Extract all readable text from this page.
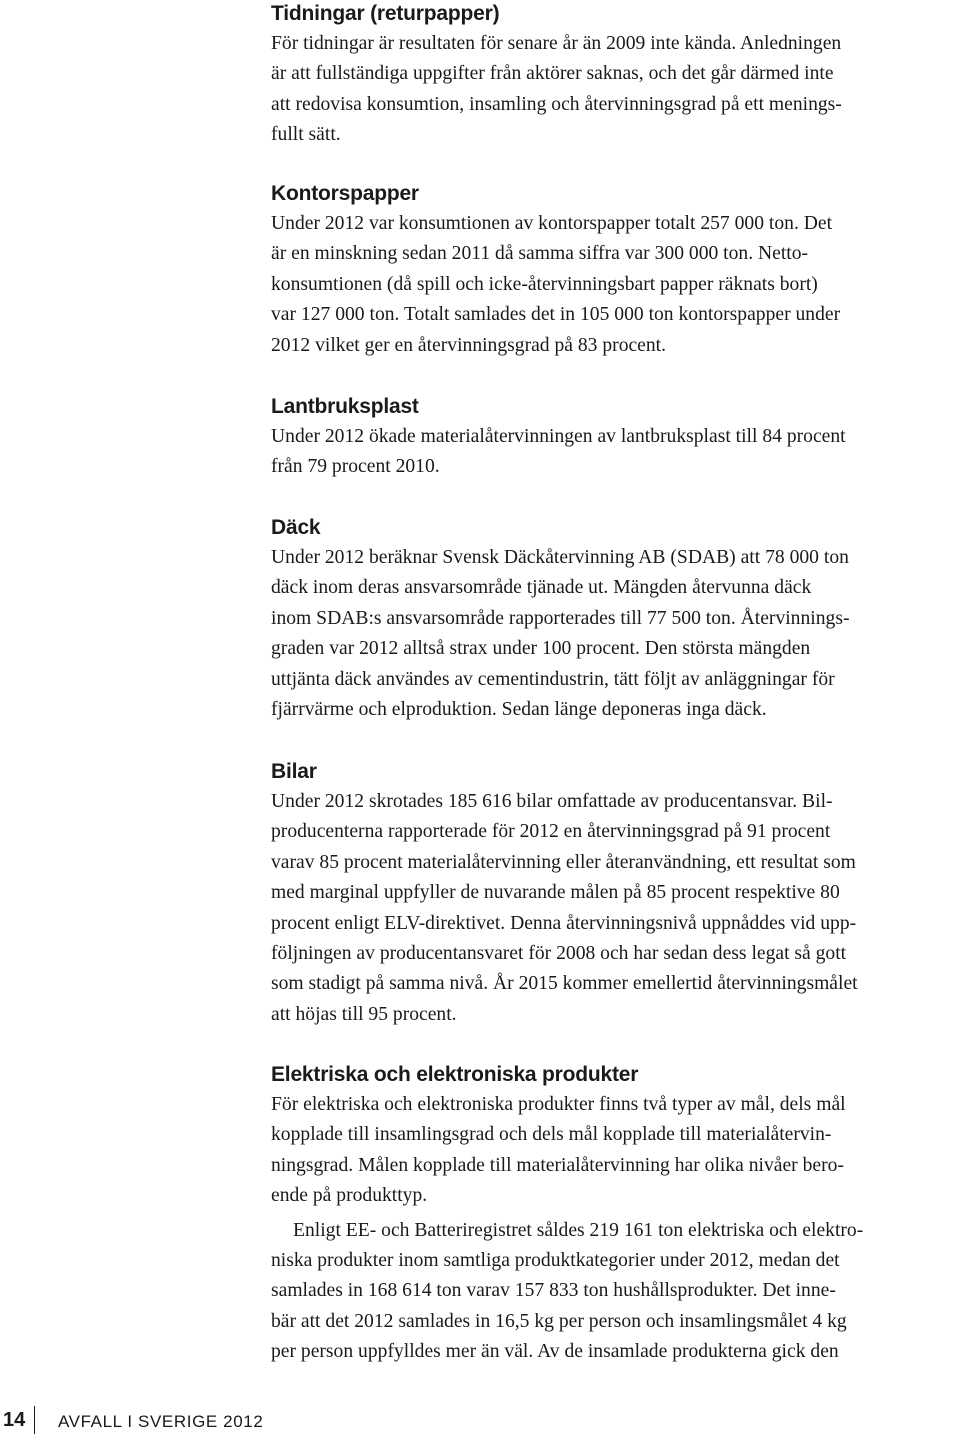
Tidningar (returpapper)

För tidningar är resultaten för senare år än 2009 inte kända. Anledningen

är att fullständiga uppgifter från aktörer saknas, och det går därmed inte

att redovisa konsumtion, insamling och återvinningsgrad på ett menings-

fullt sätt.

Kontorspapper

Under 2012 var konsumtionen av kontorspapper totalt 257 000 ton. Det

är en minskning sedan 2011 då samma siffra var 300 000 ton. Netto-

konsumtionen (då spill och icke-återvinningsbart papper räknats bort)

var 127 000 ton. Totalt samlades det in 105 000 ton kontorspapper under

2012 vilket ger en återvinningsgrad på 83 procent.

Lantbruksplast

Under 2012 ökade materialåtervinningen av lantbruksplast till 84 procent

från 79 procent 2010.

Däck

Under 2012 beräknar Svensk Däckåtervinning AB (SDAB) att 78 000 ton

däck inom deras ansvarsområde tjänade ut. Mängden återvunna däck

inom SDAB:s ansvarsområde rapporterades till 77 500 ton. Återvinnings-

graden var 2012 alltså strax under 100 procent. Den största mängden

uttjänta däck användes av cementindustrin, tätt följt av anläggningar för

fjärrvärme och elproduktion. Sedan länge deponeras inga däck.

Bilar

Under 2012 skrotades 185 616 bilar omfattade av producentansvar. Bil-

producenterna rapporterade för 2012 en återvinningsgrad på 91 procent

varav 85 procent materialåtervinning eller återanvändning, ett resultat som

med marginal uppfyller de nuvarande målen på 85 procent respektive 80

procent enligt ELV-direktivet. Denna återvinningsnivå uppnåddes vid upp-

följningen av producentansvaret för 2008 och har sedan dess legat så gott

som stadigt på samma nivå. År 2015 kommer emellertid återvinningsmålet

att höjas till 95 procent.

Elektriska och elektroniska produkter

För elektriska och elektroniska produkter finns två typer av mål, dels mål

kopplade till insamlingsgrad och dels mål kopplade till materialåtervin-

ningsgrad. Målen kopplade till materialåtervinning har olika nivåer bero-

ende på produkttyp.

Enligt EE- och Batteriregistret såldes 219 161 ton elektriska och elektro-

niska produkter inom samtliga produktkategorier under 2012, medan det

samlades in 168 614 ton varav 157 833 ton hushållsprodukter. Det inne-

bär att det 2012 samlades in 16,5 kg per person och insamlingsmålet 4 kg

per person uppfylldes mer än väl. Av de insamlade produkterna gick den

14 AVFALL I SVERIGE 2012
